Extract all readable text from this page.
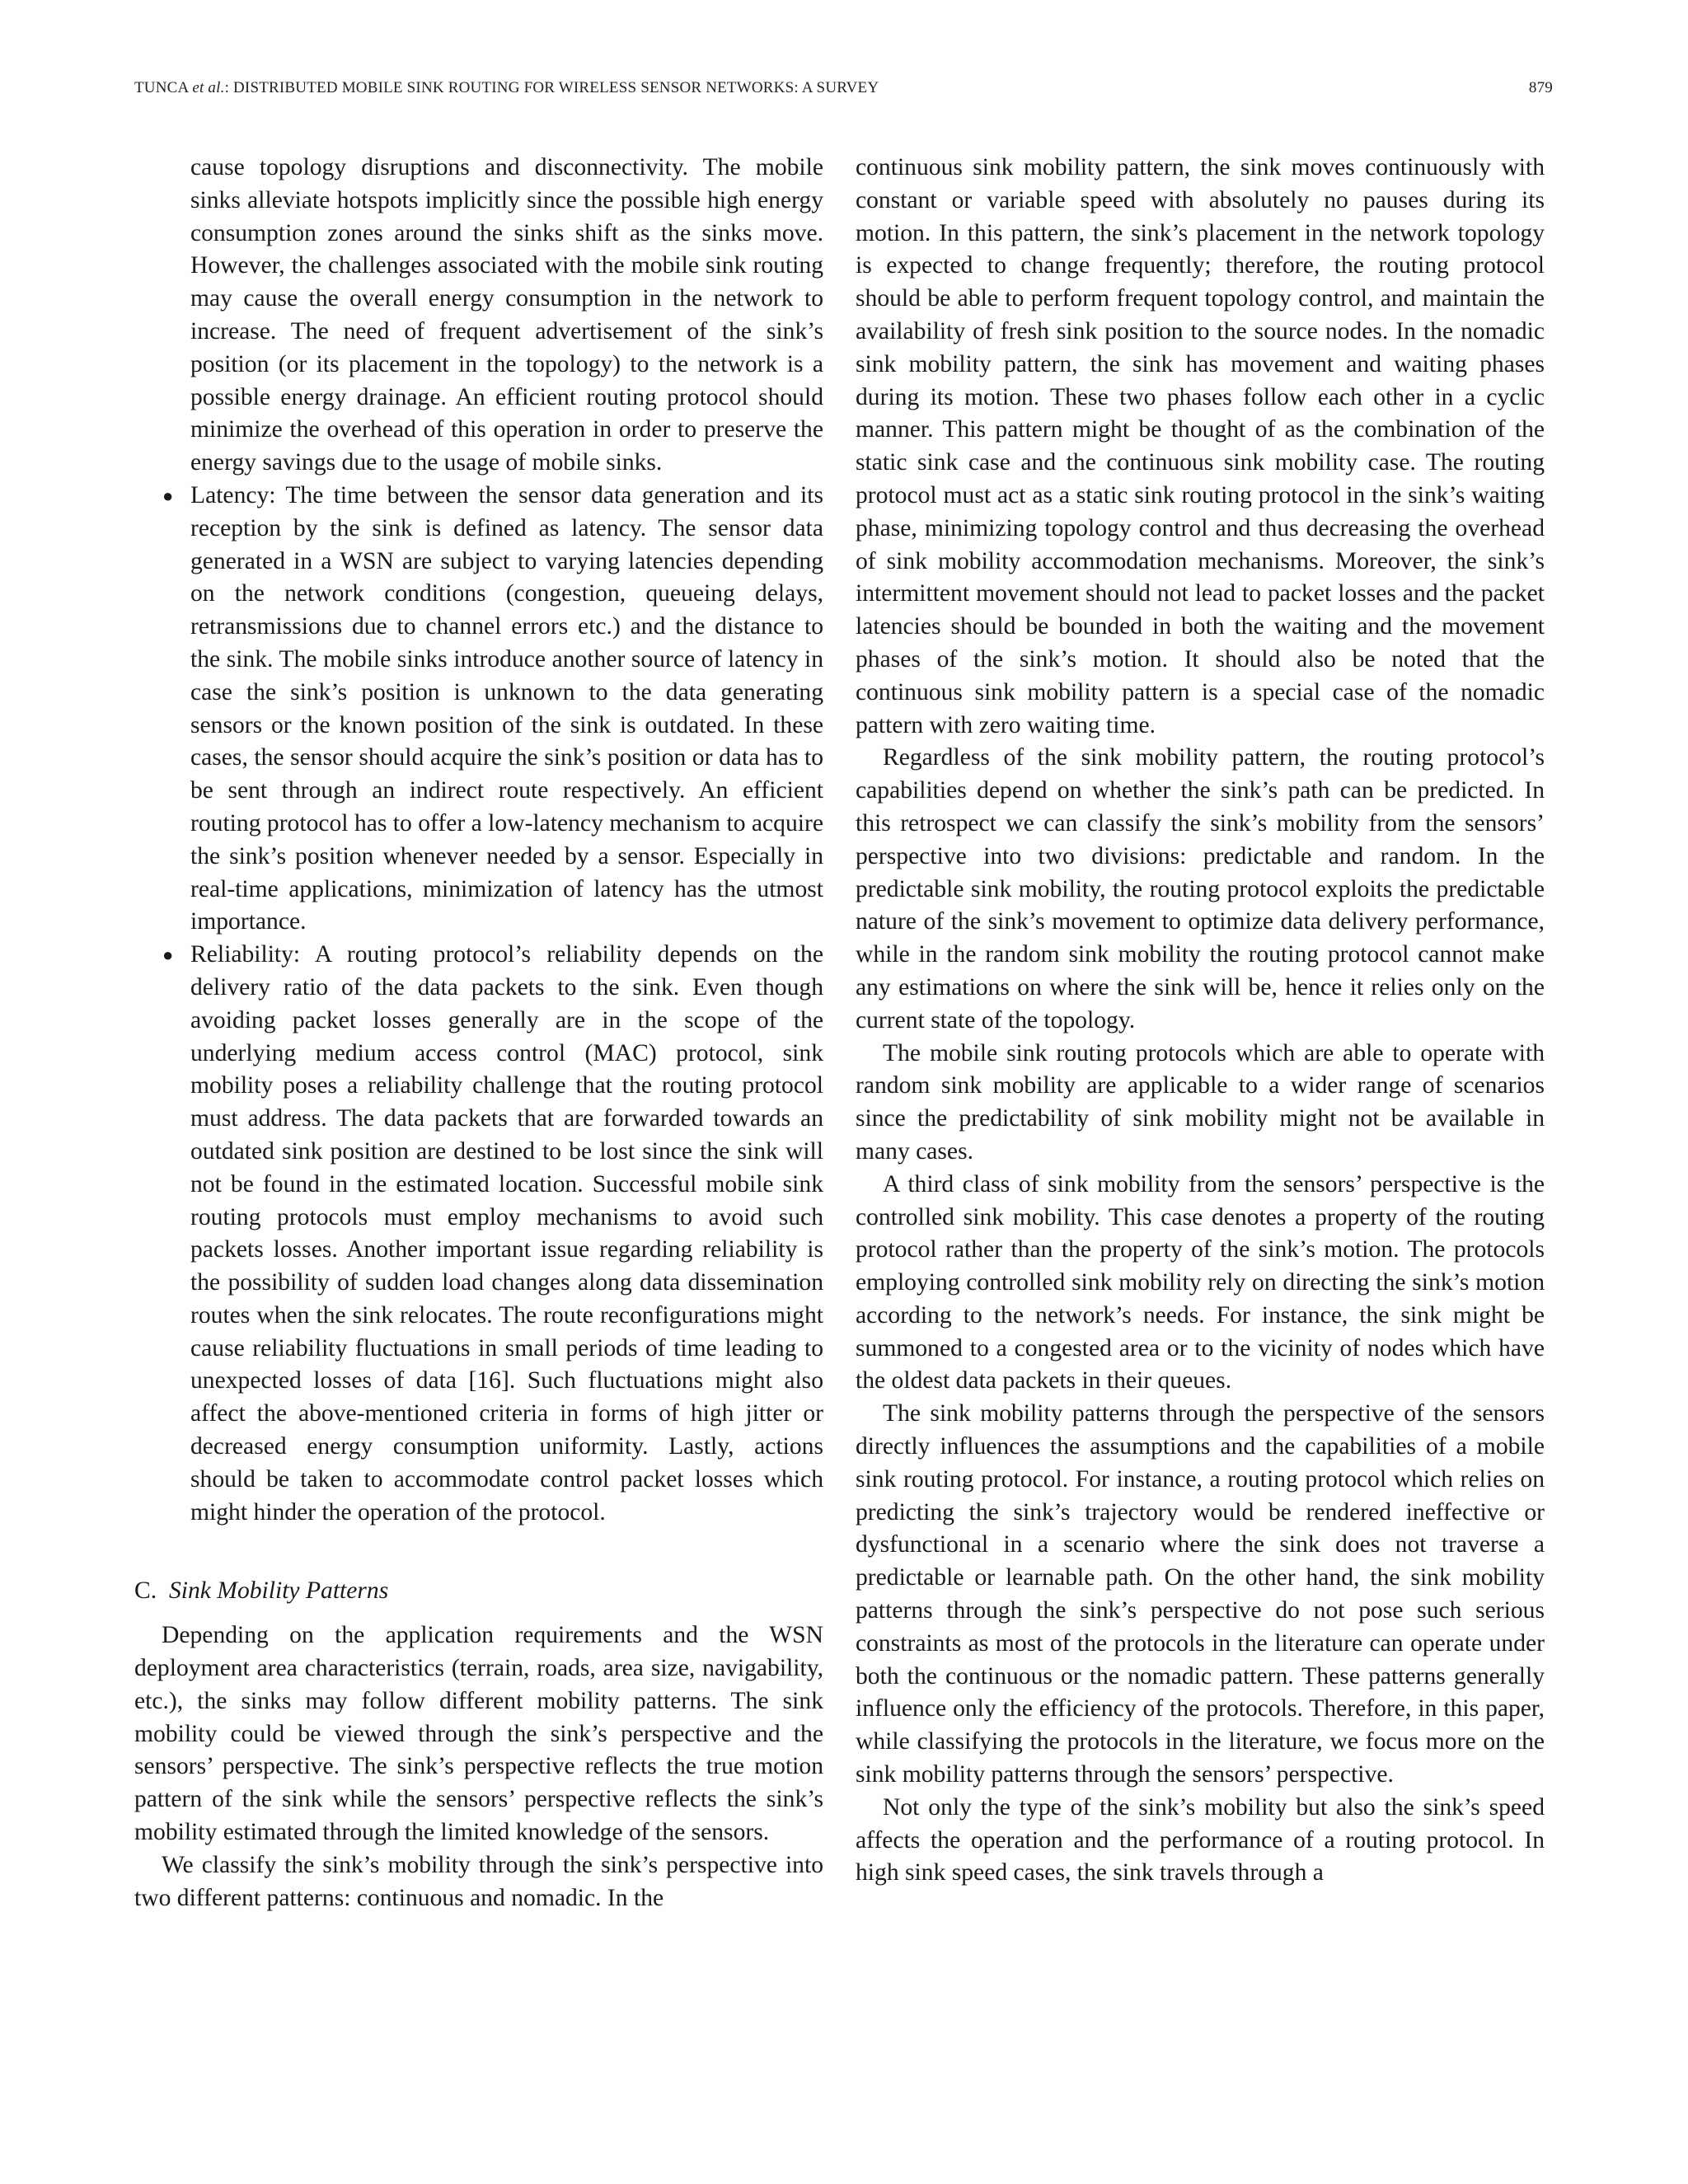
TUNCA et al.: DISTRIBUTED MOBILE SINK ROUTING FOR WIRELESS SENSOR NETWORKS: A SURVEY	879
cause topology disruptions and disconnectivity. The mobile sinks alleviate hotspots implicitly since the possible high energy consumption zones around the sinks shift as the sinks move. However, the challenges associated with the mobile sink routing may cause the overall energy consumption in the network to increase. The need of frequent advertisement of the sink’s position (or its placement in the topology) to the network is a possible energy drainage. An efficient routing protocol should minimize the overhead of this operation in order to preserve the energy savings due to the usage of mobile sinks.
● Latency: The time between the sensor data generation and its reception by the sink is defined as latency. The sensor data generated in a WSN are subject to varying latencies depending on the network conditions (congestion, queueing delays, retransmissions due to channel errors etc.) and the distance to the sink. The mobile sinks introduce another source of latency in case the sink’s position is unknown to the data generating sensors or the known position of the sink is outdated. In these cases, the sensor should acquire the sink’s position or data has to be sent through an indirect route respectively. An efficient routing protocol has to offer a low-latency mechanism to acquire the sink’s position whenever needed by a sensor. Especially in real-time applications, minimization of latency has the utmost importance.
● Reliability: A routing protocol’s reliability depends on the delivery ratio of the data packets to the sink. Even though avoiding packet losses generally are in the scope of the underlying medium access control (MAC) protocol, sink mobility poses a reliability challenge that the routing protocol must address. The data packets that are forwarded towards an outdated sink position are destined to be lost since the sink will not be found in the estimated location. Successful mobile sink routing protocols must employ mechanisms to avoid such packets losses. Another important issue regarding reliability is the possibility of sudden load changes along data dissemination routes when the sink relocates. The route reconfigurations might cause reliability fluctuations in small periods of time leading to unexpected losses of data [16]. Such fluctuations might also affect the above-mentioned criteria in forms of high jitter or decreased energy consumption uniformity. Lastly, actions should be taken to accommodate control packet losses which might hinder the operation of the protocol.

C. Sink Mobility Patterns

Depending on the application requirements and the WSN deployment area characteristics (terrain, roads, area size, navigability, etc.), the sinks may follow different mobility patterns. The sink mobility could be viewed through the sink’s perspective and the sensors’ perspective. The sink’s perspective reflects the true motion pattern of the sink while the sensors’ perspective reflects the sink’s mobility estimated through the limited knowledge of the sensors.

We classify the sink’s mobility through the sink’s perspective into two different patterns: continuous and nomadic. In the

continuous sink mobility pattern, the sink moves continuously with constant or variable speed with absolutely no pauses during its motion. In this pattern, the sink’s placement in the network topology is expected to change frequently; therefore, the routing protocol should be able to perform frequent topology control, and maintain the availability of fresh sink position to the source nodes. In the nomadic sink mobility pattern, the sink has movement and waiting phases during its motion. These two phases follow each other in a cyclic manner. This pattern might be thought of as the combination of the static sink case and the continuous sink mobility case. The routing protocol must act as a static sink routing protocol in the sink’s waiting phase, minimizing topology control and thus decreasing the overhead of sink mobility accommodation mechanisms. Moreover, the sink’s intermittent movement should not lead to packet losses and the packet latencies should be bounded in both the waiting and the movement phases of the sink’s motion. It should also be noted that the continuous sink mobility pattern is a special case of the nomadic pattern with zero waiting time.

Regardless of the sink mobility pattern, the routing protocol’s capabilities depend on whether the sink’s path can be predicted. In this retrospect we can classify the sink’s mobility from the sensors’ perspective into two divisions: predictable and random. In the predictable sink mobility, the routing protocol exploits the predictable nature of the sink’s movement to optimize data delivery performance, while in the random sink mobility the routing protocol cannot make any estimations on where the sink will be, hence it relies only on the current state of the topology.

The mobile sink routing protocols which are able to operate with random sink mobility are applicable to a wider range of scenarios since the predictability of sink mobility might not be available in many cases.

A third class of sink mobility from the sensors’ perspective is the controlled sink mobility. This case denotes a property of the routing protocol rather than the property of the sink’s motion. The protocols employing controlled sink mobility rely on directing the sink’s motion according to the network’s needs. For instance, the sink might be summoned to a congested area or to the vicinity of nodes which have the oldest data packets in their queues.

The sink mobility patterns through the perspective of the sensors directly influences the assumptions and the capabilities of a mobile sink routing protocol. For instance, a routing protocol which relies on predicting the sink’s trajectory would be rendered ineffective or dysfunctional in a scenario where the sink does not traverse a predictable or learnable path. On the other hand, the sink mobility patterns through the sink’s perspective do not pose such serious constraints as most of the protocols in the literature can operate under both the continuous or the nomadic pattern. These patterns generally influence only the efficiency of the protocols. Therefore, in this paper, while classifying the protocols in the literature, we focus more on the sink mobility patterns through the sensors’ perspective.

Not only the type of the sink’s mobility but also the sink’s speed affects the operation and the performance of a routing protocol. In high sink speed cases, the sink travels through a
